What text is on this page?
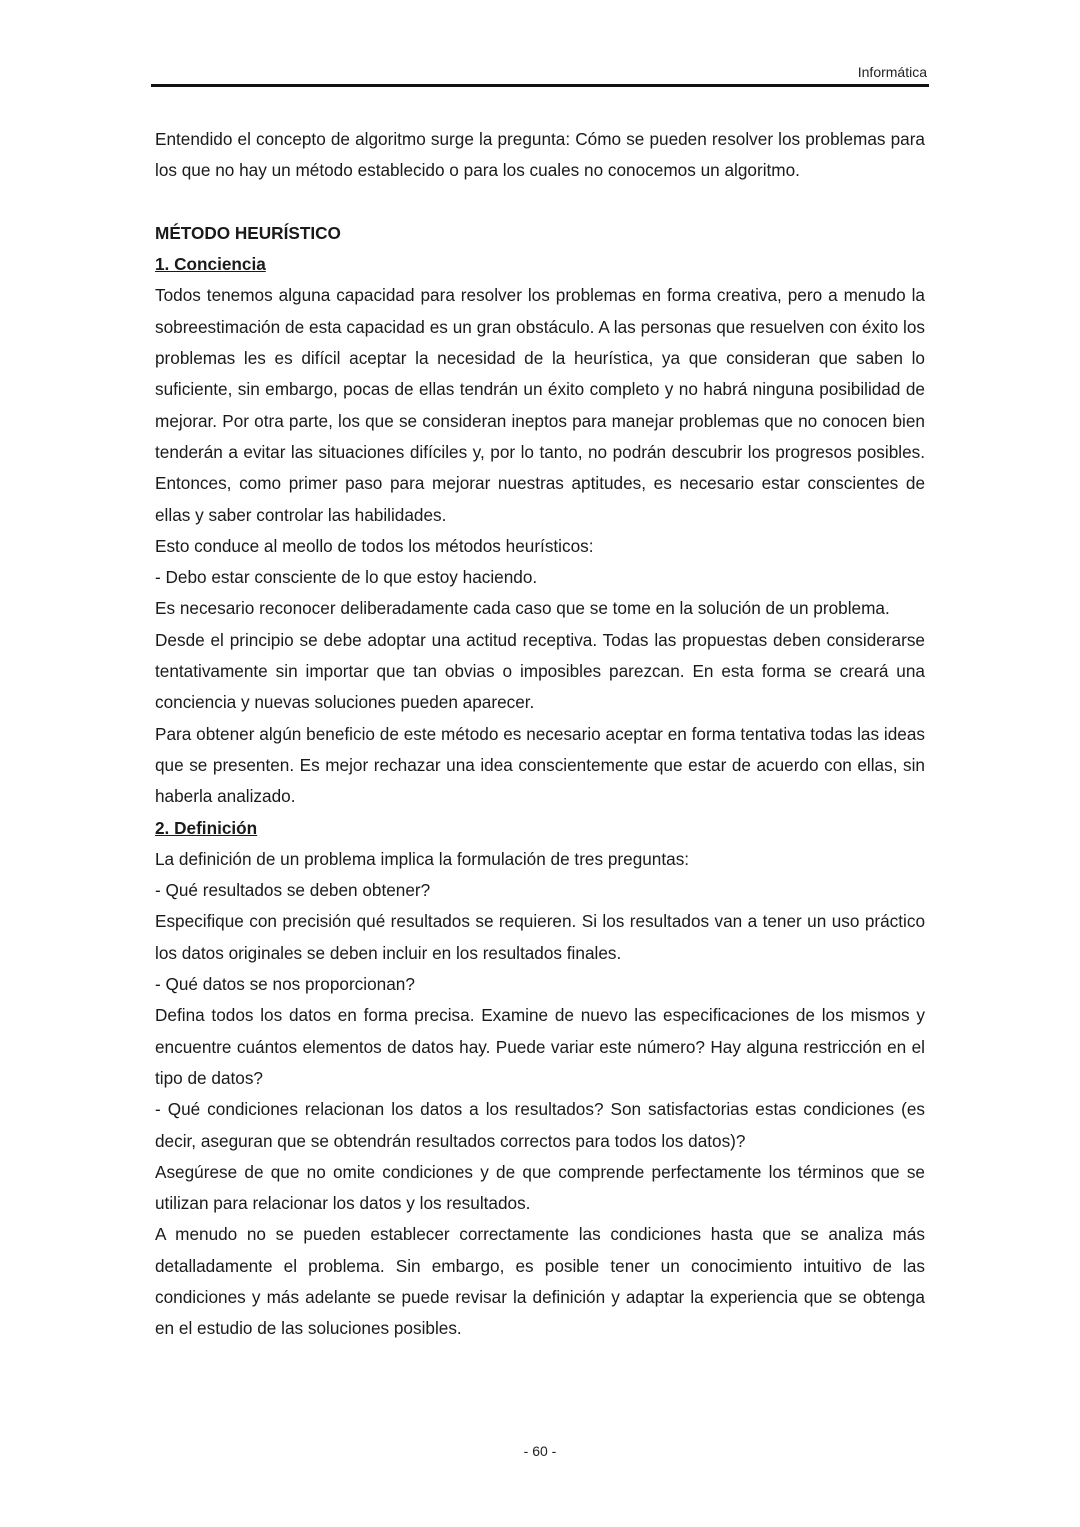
Informática

Entendido el concepto de algoritmo surge la pregunta: Cómo se pueden resolver los problemas para los que no hay un método establecido o para los cuales no conocemos un algoritmo.

MÉTODO HEURÍSTICO
1. Conciencia

Todos tenemos alguna capacidad para resolver los problemas en forma creativa, pero a menudo la sobreestimación de esta capacidad es un gran obstáculo. A las personas que resuelven con éxito los problemas les es difícil aceptar la necesidad de la heurística, ya que consideran que saben lo suficiente, sin embargo, pocas de ellas tendrán un éxito completo y no habrá ninguna posibilidad de mejorar. Por otra parte, los que se consideran ineptos para manejar problemas que no conocen bien tenderán a evitar las situaciones difíciles y, por lo tanto, no podrán descubrir los progresos posibles. Entonces, como primer paso para mejorar nuestras aptitudes, es necesario estar conscientes de ellas y saber controlar las habilidades.

Esto conduce al meollo de todos los métodos heurísticos:

- Debo estar consciente de lo que estoy haciendo.

Es necesario reconocer deliberadamente cada caso que se tome en la solución de un problema.

Desde el principio se debe adoptar una actitud receptiva. Todas las propuestas deben considerarse tentativamente sin importar que tan obvias o imposibles parezcan. En esta forma se creará una conciencia y nuevas soluciones pueden aparecer.

Para obtener algún beneficio de este método es necesario aceptar en forma tentativa todas las ideas que se presenten. Es mejor rechazar una idea conscientemente que estar de acuerdo con ellas, sin haberla analizado.

2. Definición

La definición de un problema implica la formulación de tres preguntas:

- Qué resultados se deben obtener?

Especifique con precisión qué resultados se requieren. Si los resultados van a tener un uso práctico los datos originales se deben incluir en los resultados finales.

- Qué datos se nos proporcionan?

Defina todos los datos en forma precisa. Examine de nuevo las especificaciones de los mismos y encuentre cuántos elementos de datos hay. Puede variar este número? Hay alguna restricción en el tipo de datos?

- Qué condiciones relacionan los datos a los resultados? Son satisfactorias estas condiciones (es decir, aseguran que se obtendrán resultados correctos para todos los datos)?

Asegúrese de que no omite condiciones y de que comprende perfectamente los términos que se utilizan para relacionar los datos y los resultados.

A menudo no se pueden establecer correctamente las condiciones hasta que se analiza más detalladamente el problema. Sin embargo, es posible tener un conocimiento intuitivo de las condiciones y más adelante se puede revisar la definición y adaptar la experiencia que se obtenga en el estudio de las soluciones posibles.

- 60 -
